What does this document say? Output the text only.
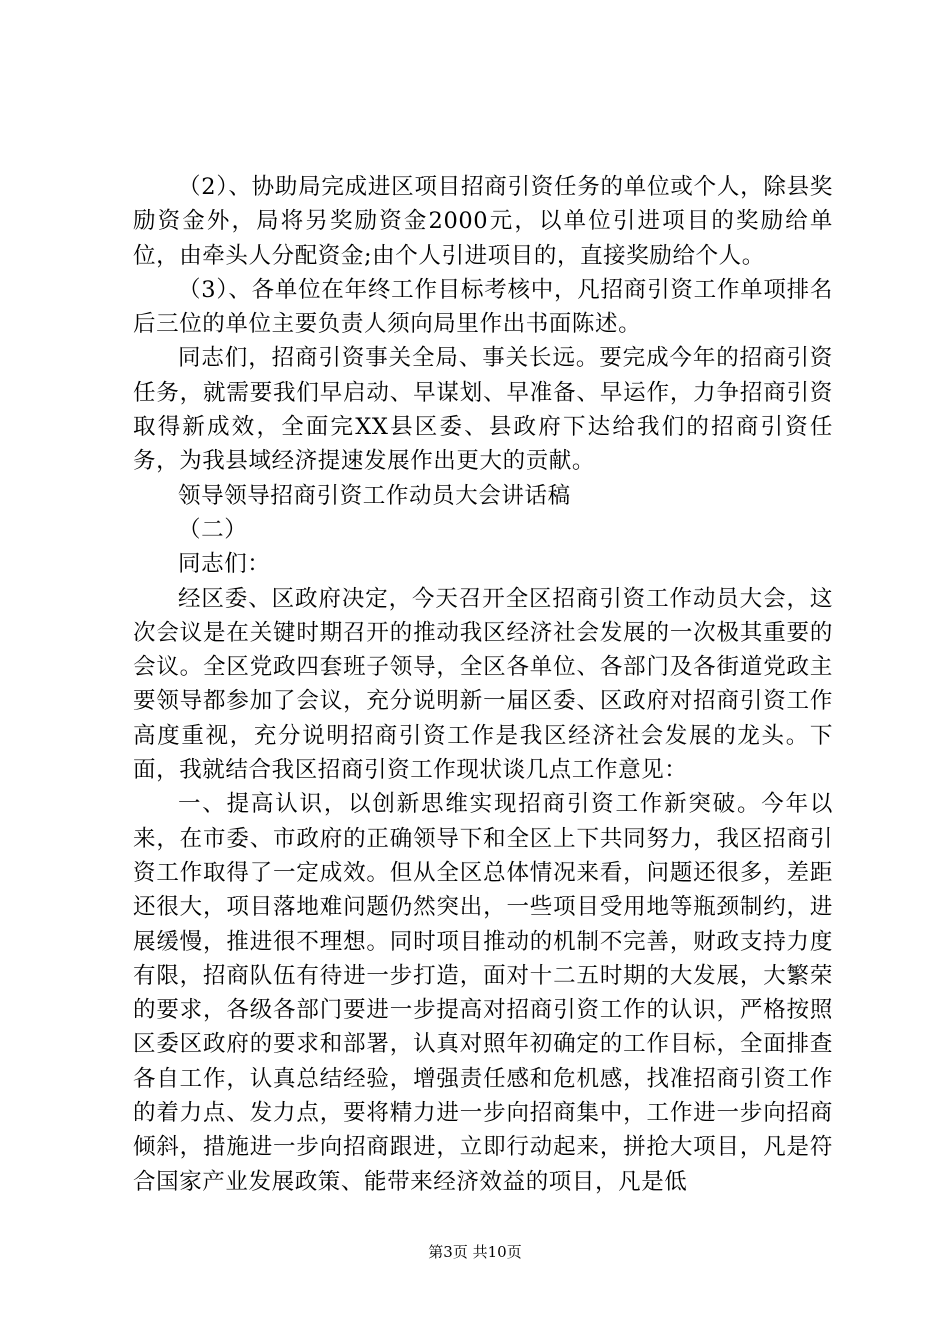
（2）、协助局完成进区项目招商引资任务的单位或个人，除县奖励资金外，局将另奖励资金2000元，以单位引进项目的奖励给单位，由牵头人分配资金;由个人引进项目的，直接奖励给个人。

（3）、各单位在年终工作目标考核中，凡招商引资工作单项排名后三位的单位主要负责人须向局里作出书面陈述。

同志们，招商引资事关全局、事关长远。要完成今年的招商引资任务，就需要我们早启动、早谋划、早准备、早运作，力争招商引资取得新成效，全面完XX县区委、县政府下达给我们的招商引资任务，为我县域经济提速发展作出更大的贡献。

领导领导招商引资工作动员大会讲话稿

（二）

同志们：

经区委、区政府决定，今天召开全区招商引资工作动员大会，这次会议是在关键时期召开的推动我区经济社会发展的一次极其重要的会议。全区党政四套班子领导，全区各单位、各部门及各街道党政主要领导都参加了会议，充分说明新一届区委、区政府对招商引资工作高度重视，充分说明招商引资工作是我区经济社会发展的龙头。下面，我就结合我区招商引资工作现状谈几点工作意见：

一、提高认识，以创新思维实现招商引资工作新突破。今年以来，在市委、市政府的正确领导下和全区上下共同努力，我区招商引资工作取得了一定成效。但从全区总体情况来看，问题还很多，差距还很大，项目落地难问题仍然突出，一些项目受用地等瓶颈制约，进展缓慢，推进很不理想。同时项目推动的机制不完善，财政支持力度有限，招商队伍有待进一步打造，面对十二五时期的大发展，大繁荣的要求，各级各部门要进一步提高对招商引资工作的认识，严格按照区委区政府的要求和部署，认真对照年初确定的工作目标，全面排查各自工作，认真总结经验，增强责任感和危机感，找准招商引资工作的着力点、发力点，要将精力进一步向招商集中，工作进一步向招商倾斜，措施进一步向招商跟进，立即行动起来，拼抢大项目，凡是符合国家产业发展政策、能带来经济效益的项目，凡是低

第3页 共10页
